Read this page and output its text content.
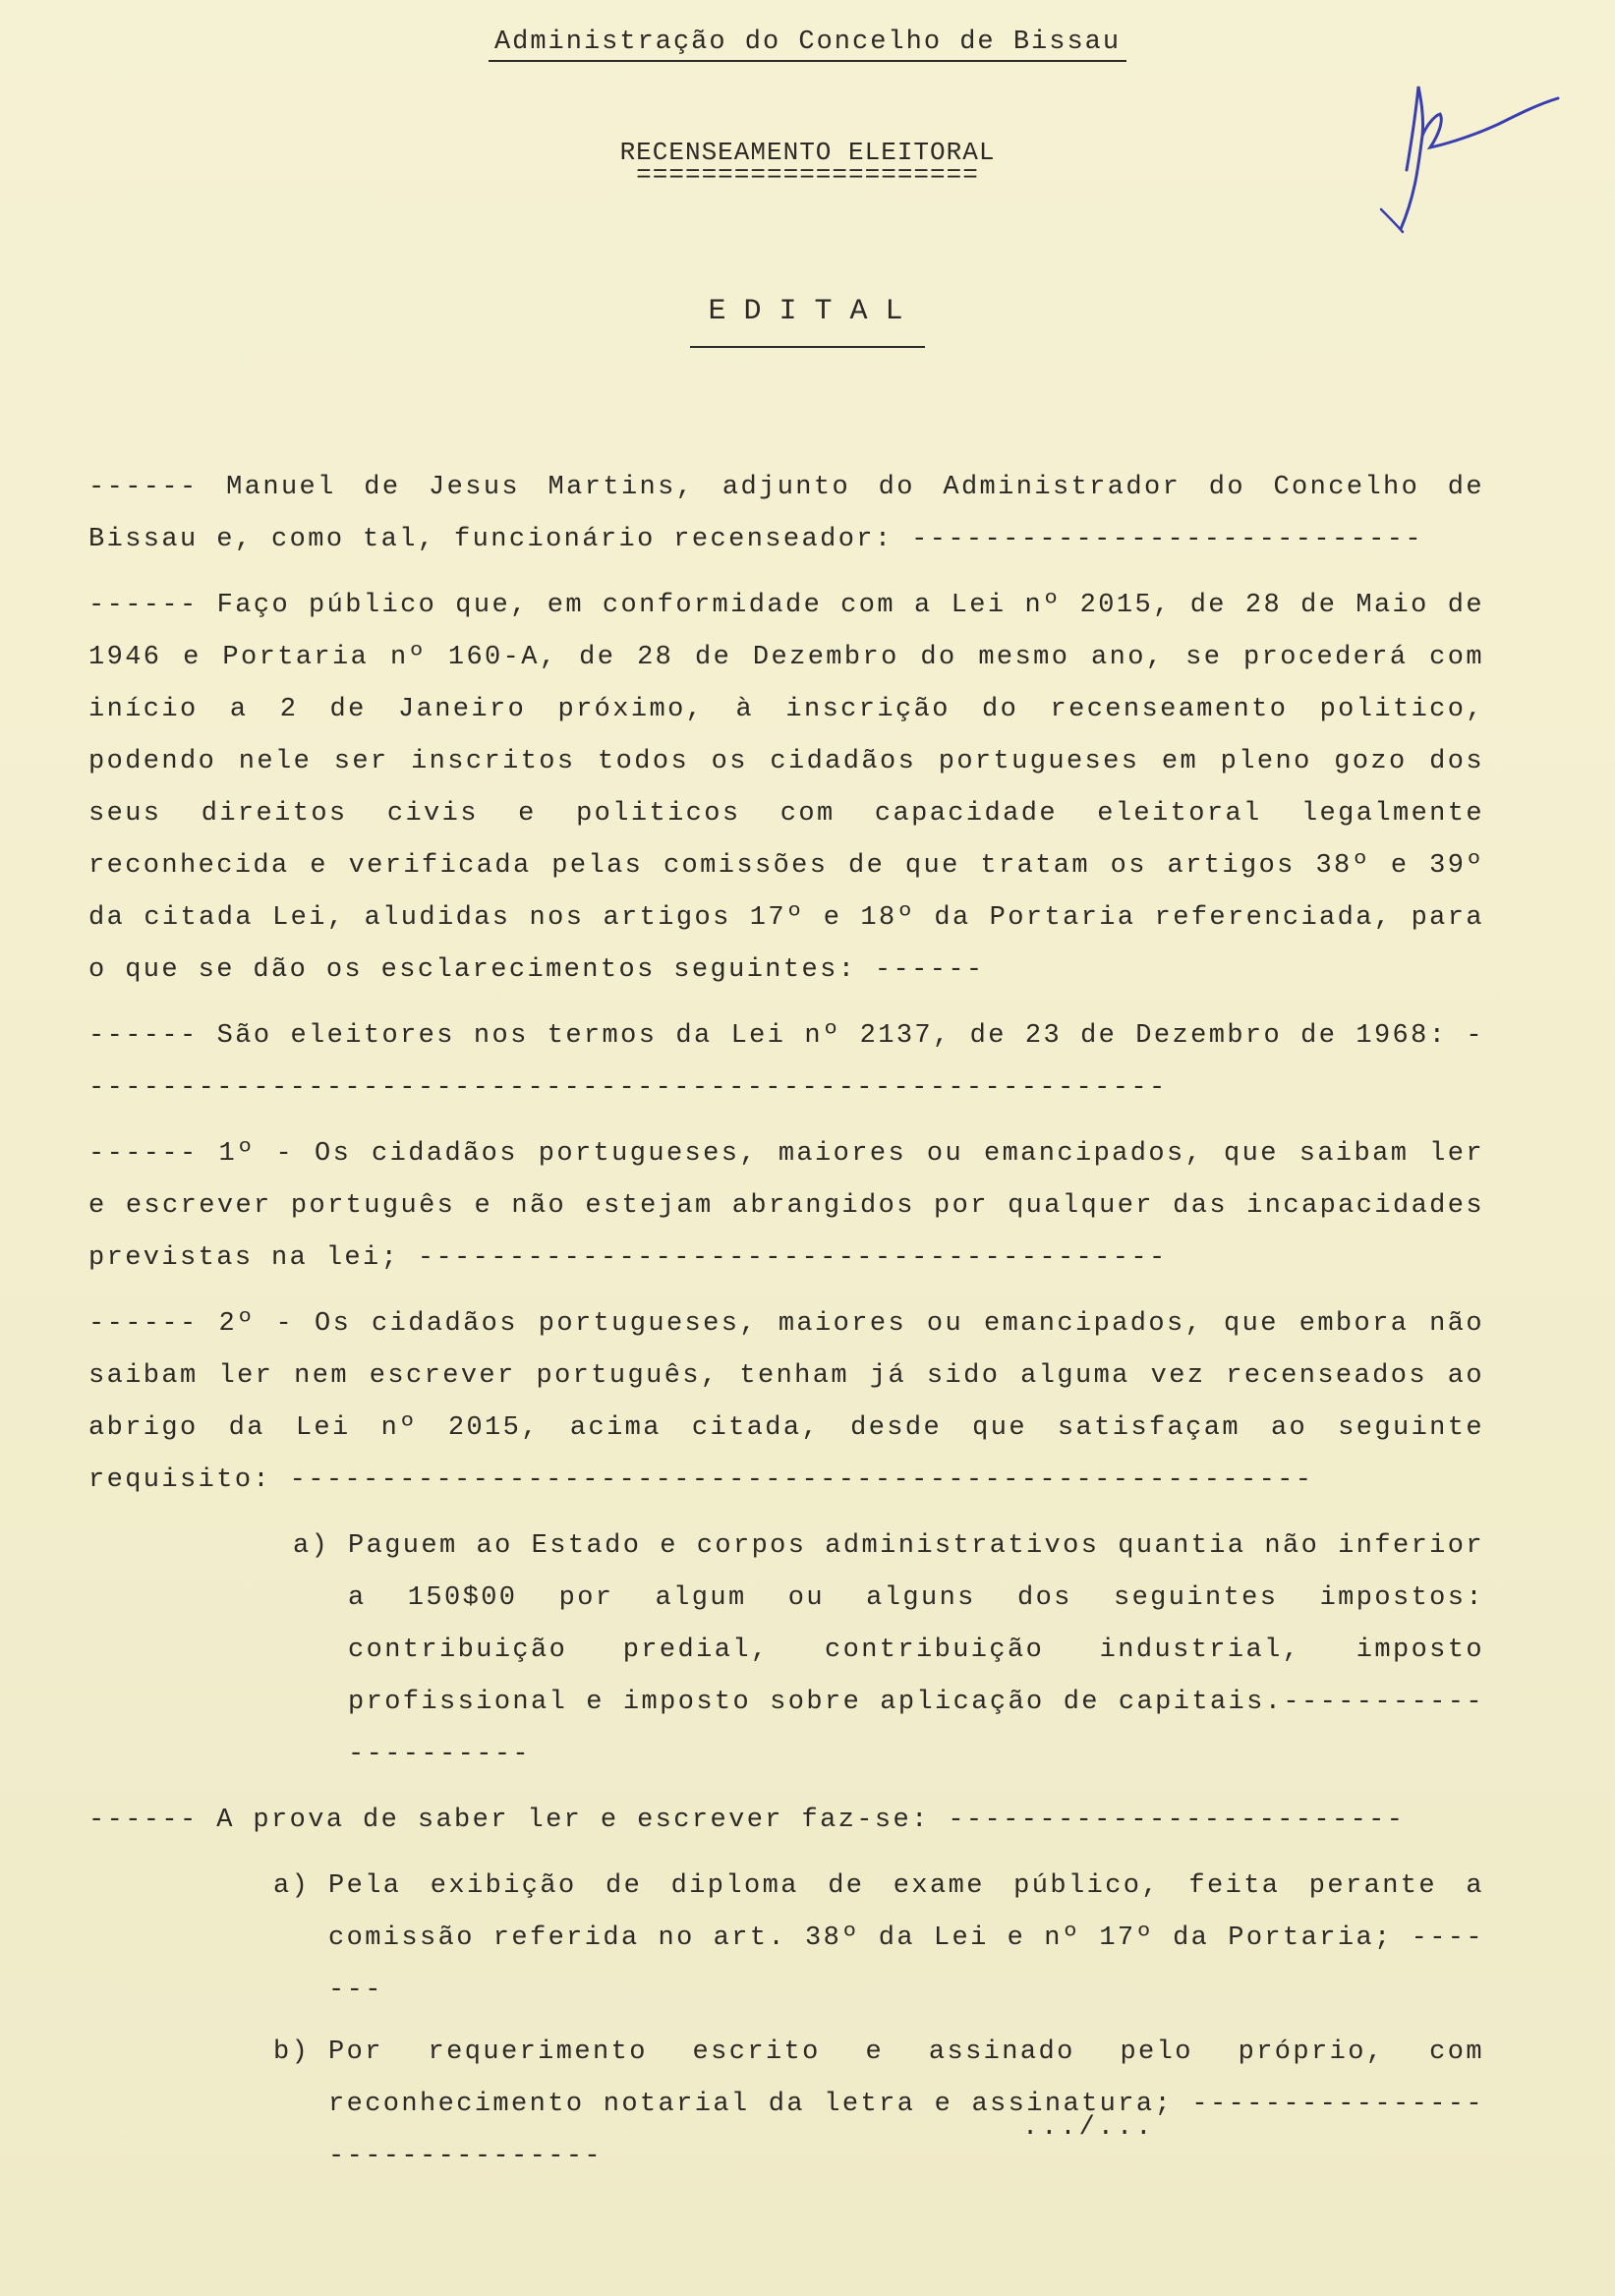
Administração do Concelho de Bissau
RECENSEAMENTO ELEITORAL
=====================
EDITAL

------ Manuel de Jesus Martins, adjunto do Administrador do Concelho de Bissau e, como tal, funcionário recenseador: ----------------------------

------ Faço público que, em conformidade com a Lei nº 2015, de 28 de Maio de 1946 e Portaria nº 160-A, de 28 de Dezembro do mesmo ano, se procederá com início a 2 de Janeiro próximo, à inscrição do recenseamento politico, podendo nele ser inscritos todos os cidadãos portugueses em pleno gozo dos seus direitos civis e politicos com capacidade eleitoral legalmente reconhecida e verificada pelas comissões de que tratam os artigos 38º e 39º da citada Lei, aludidas nos artigos 17º e 18º da Portaria referenciada, para o que se dão os esclarecimentos seguintes: ------

------ São eleitores nos termos da Lei nº 2137, de 23 de Dezembro de 1968: ------------------------------------------------------------

------ 1º - Os cidadãos portugueses, maiores ou emancipados, que saibam ler e escrever português e não estejam abrangidos por qualquer das incapacidades previstas na lei; -----------------------------------------

------ 2º - Os cidadãos portugueses, maiores ou emancipados, que embora não saibam ler nem escrever português, tenham já sido alguma vez recenseados ao abrigo da Lei nº 2015, acima citada, desde que satisfaçam ao seguinte requisito: --------------------------------------------------------

a) Paguem ao Estado e corpos administrativos quantia não inferior a 150$00 por algum ou alguns dos seguintes impostos: contribuição predial, contribuição industrial, imposto profissional e imposto sobre aplicação de capitais.---------------------

------ A prova de saber ler e escrever faz-se: -------------------------

a) Pela exibição de diploma de exame público, feita perante a comissão referida no art. 38º da Lei e nº 17º da Portaria; -------
b) Por requerimento escrito e assinado pelo próprio, com reconhecimento notarial da letra e assinatura; -------------------------------
.../...
